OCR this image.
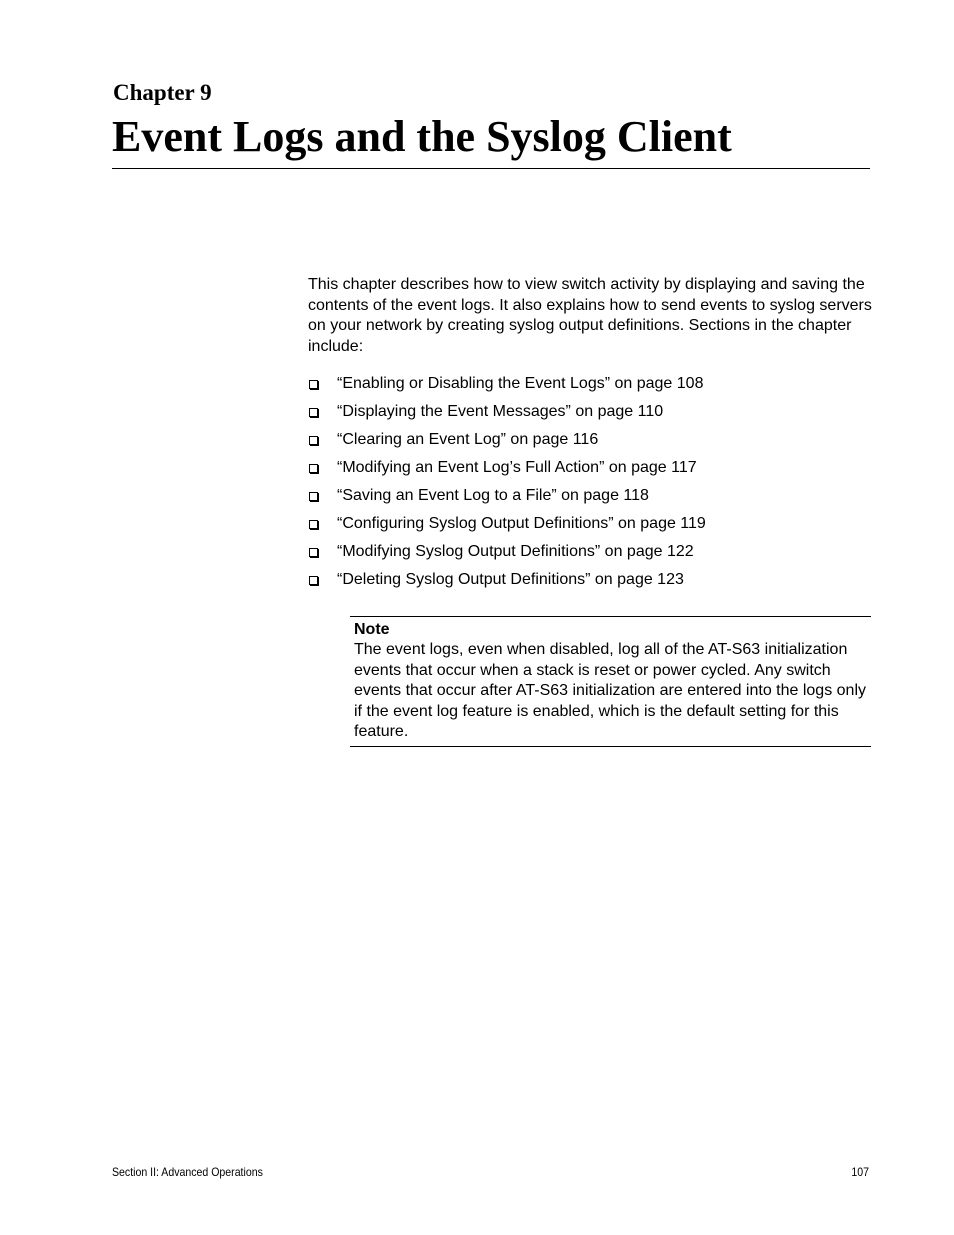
Chapter 9
Event Logs and the Syslog Client

This chapter describes how to view switch activity by displaying and saving the contents of the event logs. It also explains how to send events to syslog servers on your network by creating syslog output definitions. Sections in the chapter include:

“Enabling or Disabling the Event Logs” on page 108
“Displaying the Event Messages” on page 110
“Clearing an Event Log” on page 116
“Modifying an Event Log’s Full Action” on page 117
“Saving an Event Log to a File” on page 118
“Configuring Syslog Output Definitions” on page 119
“Modifying Syslog Output Definitions” on page 122
“Deleting Syslog Output Definitions” on page 123

Note

The event logs, even when disabled, log all of the AT-S63 initialization events that occur when a stack is reset or power cycled. Any switch events that occur after AT-S63 initialization are entered into the logs only if the event log feature is enabled, which is the default setting for this feature.

Section II: Advanced Operations	107
